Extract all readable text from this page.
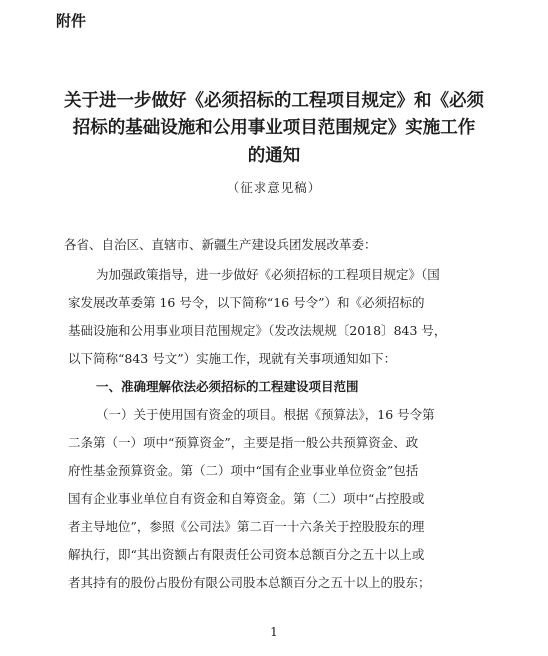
附件
关于进一步做好《必须招标的工程项目规定》和《必须
招标的基础设施和公用事业项目范围规定》实施工作
的通知
（征求意见稿）
各省、自治区、直辖市、新疆生产建设兵团发展改革委：
为加强政策指导，进一步做好《必须招标的工程项目规定》（国
家发展改革委第 16 号令，以下简称“16 号令”）和《必须招标的
基础设施和公用事业项目范围规定》（发改法规规〔2018〕843 号，
以下简称“843 号文”）实施工作，现就有关事项通知如下：
一、准确理解依法必须招标的工程建设项目范围
（一）关于使用国有资金的项目。根据《预算法》，16 号令第
二条第（一）项中“预算资金”，主要是指一般公共预算资金、政
府性基金预算资金。第（二）项中“国有企业事业单位资金”包括
国有企业事业单位自有资金和自筹资金。第（二）项中“占控股或
者主导地位”，参照《公司法》第二百一十六条关于控股股东的理
解执行，即“其出资额占有限责任公司资本总额百分之五十以上或
者其持有的股份占股份有限公司股本总额百分之五十以上的股东；
1
